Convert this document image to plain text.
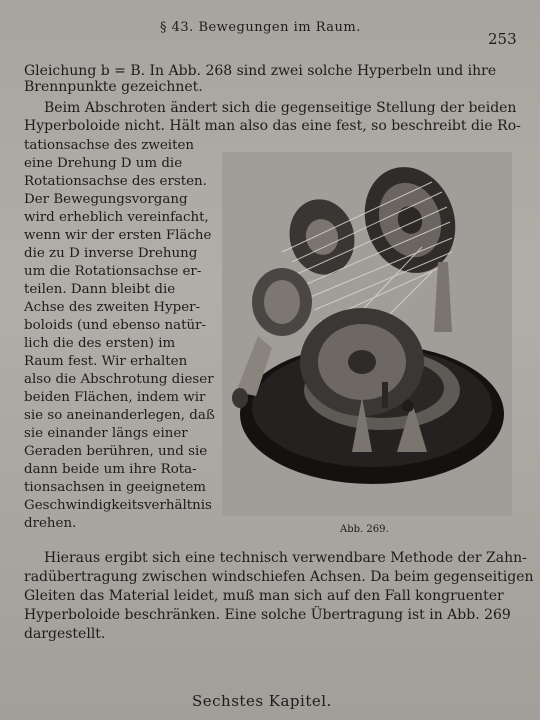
§ 43. Bewegungen im Raum.
253
Gleichung b = B. In Abb. 268 sind zwei solche Hyperbeln und ihre
Brennpunkte gezeichnet.
Beim Abschroten ändert sich die gegenseitige Stellung der beiden
Hyperboloide nicht. Hält man also das eine fest, so beschreibt die Ro-
tationsachse des zweiten
eine Drehung D um die
Rotationsachse des ersten.
Der Bewegungsvorgang
wird erheblich vereinfacht,
wenn wir der ersten Fläche
die zu D inverse Drehung
um die Rotationsachse er-
teilen. Dann bleibt die
Achse des zweiten Hyper-
boloids (und ebenso natür-
lich die des ersten) im
Raum fest. Wir erhalten
also die Abschrotung dieser
beiden Flächen, indem wir
sie so aneinanderlegen, daß
sie einander längs einer
Geraden berühren, und sie
dann beide um ihre Rota-
tionsachsen in geeignetem
Geschwindigkeitsverhältnis
drehen.	Abb. 269.
Hieraus ergibt sich eine technisch verwendbare Methode der Zahn-
radübertragung zwischen windschiefen Achsen. Da beim gegenseitigen
Gleiten das Material leidet, muß man sich auf den Fall kongruenter
Hyperboloide beschränken. Eine solche Übertragung ist in Abb. 269
dargestellt.
Sechstes Kapitel.
